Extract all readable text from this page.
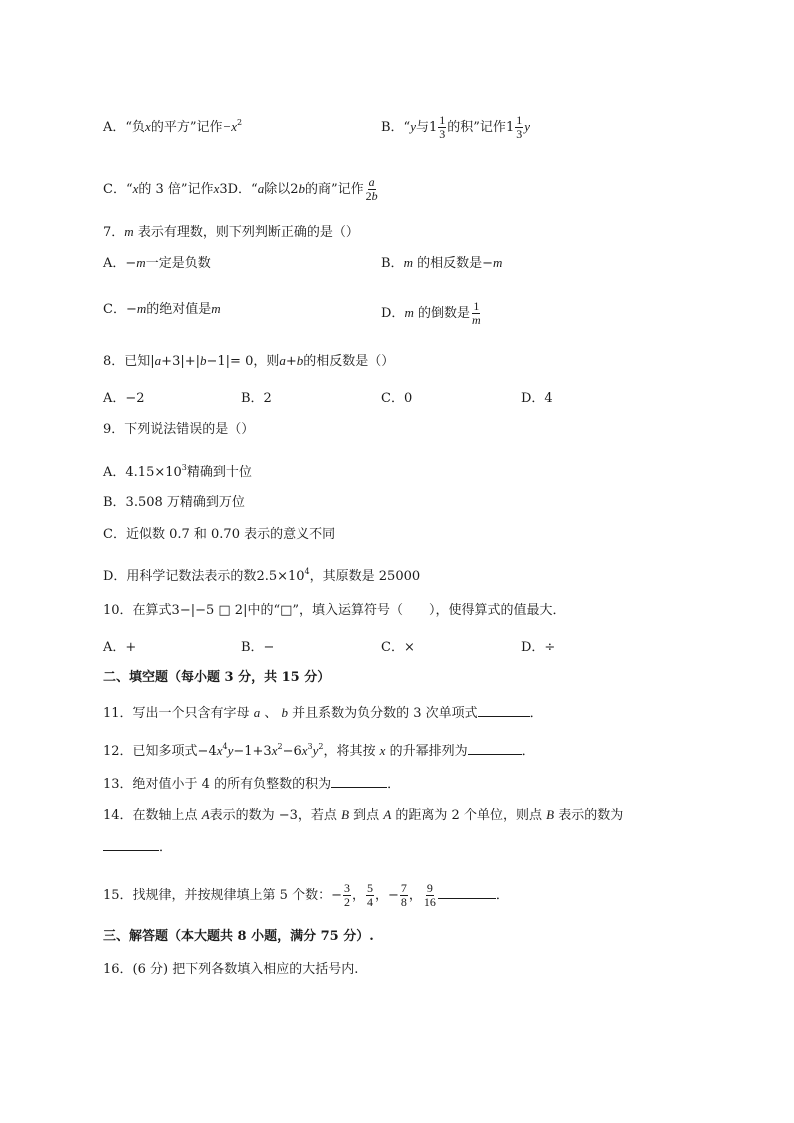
A．“负x的平方”记作$-x^2$	B．“y与$1 \frac{1}{3}$ 的积”记作$1 \frac{1}{3}$ y
C．“x的 3 倍”记作x3D．“a除以2b的商”记作 $\frac{a}{2b}$
7．m 表示有理数，则下列判断正确的是（）
A．−m一定是负数	B．m 的相反数是−m
C．−m的绝对值是m	D．m 的倒数是 $\frac{1}{m}$
8．已知|a+3|+|b−1|= 0，则a+b的相反数是（）
A．−2	B．2	C．0	D．4
9．下列说法错误的是（）
A．$4.15\times 10^3$精确到十位
B．3.508 万精确到万位
C．近似数 0.7 和 0.70 表示的意义不同
D．用科学记数法表示的数$2.5\times 10^4$，其原数是 25000
10．在算式3−|−5 □ 2|中的“□”，填入运算符号（　　），使得算式的值最大．
A．+	B．−	C．×	D．÷
二、填空题（每小题 3 分，共 15 分）
11．写出一个只含有字母 a 、 b 并且系数为负分数的 3 次单项式	．
12．已知多项式$-4x^4y-1+3x^2-6x^3y^2$，将其按 x 的升幂排列为	．
13．绝对值小于 4 的所有负整数的积为	．
14．在数轴上点 A表示的数为 −3，若点 B 到点 A 的距离为 2 个单位，则点 B 表示的数为
．
15．找规律，并按规律填上第 5 个数：− $\frac{3}{2}$ ， $\frac{5}{4}$ ，− $\frac{7}{8}$ ， $\frac{9}{16}$	．
三、解答题（本大题共 8 小题，满分 75 分）.
16．(6 分) 把下列各数填入相应的大括号内.
